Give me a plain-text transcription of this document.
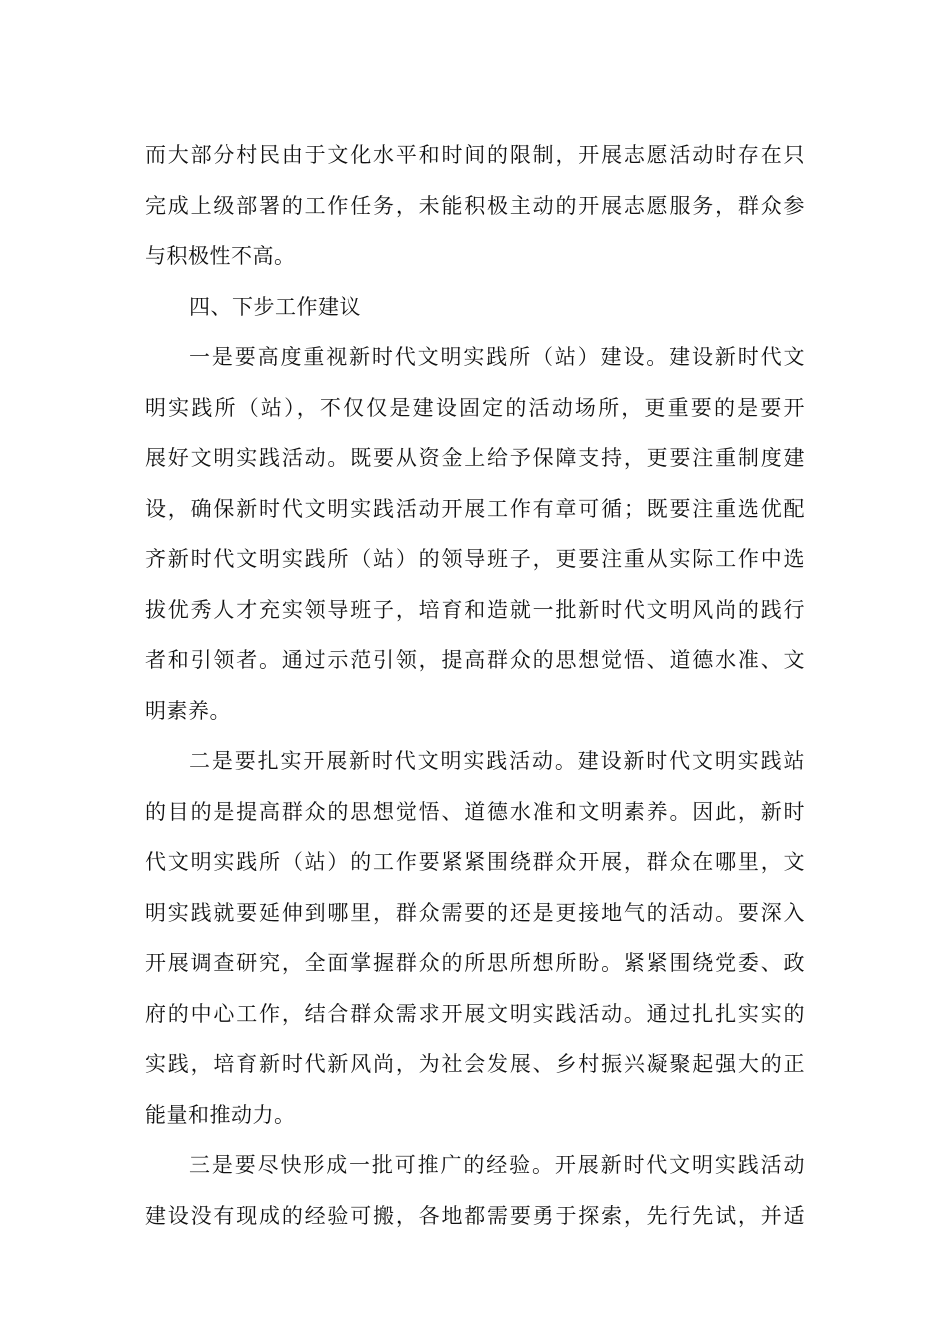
而大部分村民由于文化水平和时间的限制，开展志愿活动时存在只
完成上级部署的工作任务，未能积极主动的开展志愿服务，群众参
与积极性不高。
四、下步工作建议
一是要高度重视新时代文明实践所（站）建设。建设新时代文
明实践所（站），不仅仅是建设固定的活动场所，更重要的是要开
展好文明实践活动。既要从资金上给予保障支持，更要注重制度建
设，确保新时代文明实践活动开展工作有章可循；既要注重选优配
齐新时代文明实践所（站）的领导班子，更要注重从实际工作中选
拔优秀人才充实领导班子，培育和造就一批新时代文明风尚的践行
者和引领者。通过示范引领，提高群众的思想觉悟、道德水准、文
明素养。
二是要扎实开展新时代文明实践活动。建设新时代文明实践站
的目的是提高群众的思想觉悟、道德水准和文明素养。因此，新时
代文明实践所（站）的工作要紧紧围绕群众开展，群众在哪里，文
明实践就要延伸到哪里，群众需要的还是更接地气的活动。要深入
开展调查研究，全面掌握群众的所思所想所盼。紧紧围绕党委、政
府的中心工作，结合群众需求开展文明实践活动。通过扎扎实实的
实践，培育新时代新风尚，为社会发展、乡村振兴凝聚起强大的正
能量和推动力。
三是要尽快形成一批可推广的经验。开展新时代文明实践活动
建设没有现成的经验可搬，各地都需要勇于探索，先行先试，并适
